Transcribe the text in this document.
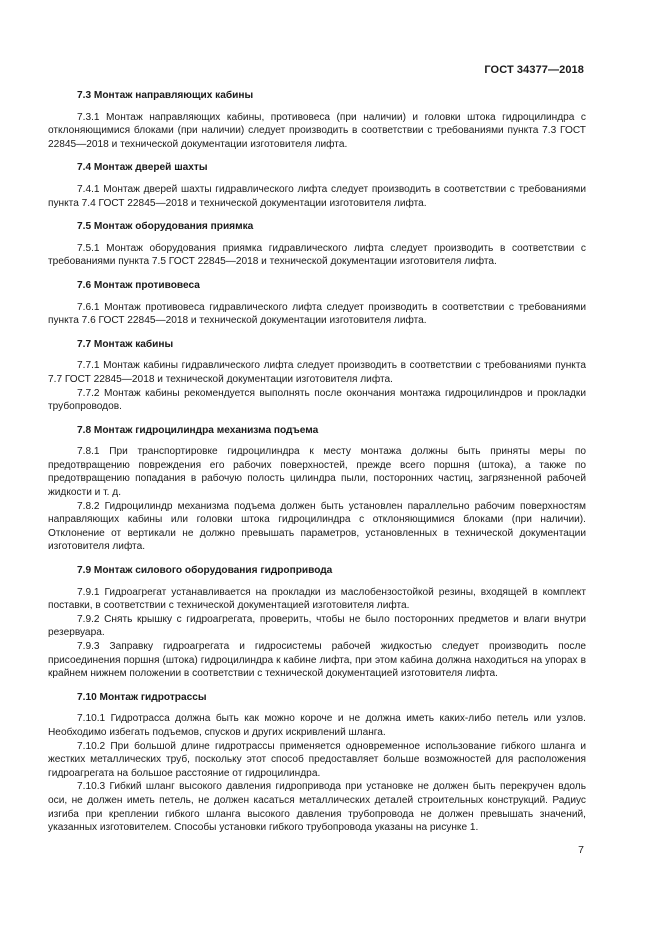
ГОСТ 34377—2018

7.3 Монтаж направляющих кабины

7.3.1 Монтаж направляющих кабины, противовеса (при наличии) и головки штока гидроцилиндра с отклоняющимися блоками (при наличии) следует производить в соответствии с требованиями пункта 7.3 ГОСТ 22845—2018 и технической документации изготовителя лифта.

7.4 Монтаж дверей шахты

7.4.1 Монтаж дверей шахты гидравлического лифта следует производить в соответствии с требованиями пункта 7.4 ГОСТ 22845—2018 и технической документации изготовителя лифта.

7.5 Монтаж оборудования приямка

7.5.1 Монтаж оборудования приямка гидравлического лифта следует производить в соответствии с требованиями пункта 7.5 ГОСТ 22845—2018 и технической документации изготовителя лифта.

7.6 Монтаж противовеса

7.6.1 Монтаж противовеса гидравлического лифта следует производить в соответствии с требованиями пункта 7.6 ГОСТ 22845—2018 и технической документации изготовителя лифта.

7.7 Монтаж кабины

7.7.1 Монтаж кабины гидравлического лифта следует производить в соответствии с требованиями пункта 7.7 ГОСТ 22845—2018 и технической документации изготовителя лифта.

7.7.2 Монтаж кабины рекомендуется выполнять после окончания монтажа гидроцилиндров и прокладки трубопроводов.

7.8 Монтаж гидроцилиндра механизма подъема

7.8.1 При транспортировке гидроцилиндра к месту монтажа должны быть приняты меры по предотвращению повреждения его рабочих поверхностей, прежде всего поршня (штока), а также по предотвращению попадания в рабочую полость цилиндра пыли, посторонних частиц, загрязненной рабочей жидкости и т. д.

7.8.2 Гидроцилиндр механизма подъема должен быть установлен параллельно рабочим поверхностям направляющих кабины или головки штока гидроцилиндра с отклоняющимися блоками (при наличии). Отклонение от вертикали не должно превышать параметров, установленных в технической документации изготовителя лифта.

7.9 Монтаж силового оборудования гидропривода

7.9.1 Гидроагрегат устанавливается на прокладки из маслобензостойкой резины, входящей в комплект поставки, в соответствии с технической документацией изготовителя лифта.

7.9.2 Снять крышку с гидроагрегата, проверить, чтобы не было посторонних предметов и влаги внутри резервуара.

7.9.3 Заправку гидроагрегата и гидросистемы рабочей жидкостью следует производить после присоединения поршня (штока) гидроцилиндра к кабине лифта, при этом кабина должна находиться на упорах в крайнем нижнем положении в соответствии с технической документацией изготовителя лифта.

7.10 Монтаж гидротрассы

7.10.1 Гидротрасса должна быть как можно короче и не должна иметь каких-либо петель или узлов. Необходимо избегать подъемов, спусков и других искривлений шланга.

7.10.2 При большой длине гидротрассы применяется одновременное использование гибкого шланга и жестких металлических труб, поскольку этот способ предоставляет больше возможностей для расположения гидроагрегата на большое расстояние от гидроцилиндра.

7.10.3 Гибкий шланг высокого давления гидропривода при установке не должен быть перекручен вдоль оси, не должен иметь петель, не должен касаться металлических деталей строительных конструкций. Радиус изгиба при креплении гибкого шланга высокого давления трубопровода не должен превышать значений, указанных изготовителем. Способы установки гибкого трубопровода указаны на рисунке 1.

7
